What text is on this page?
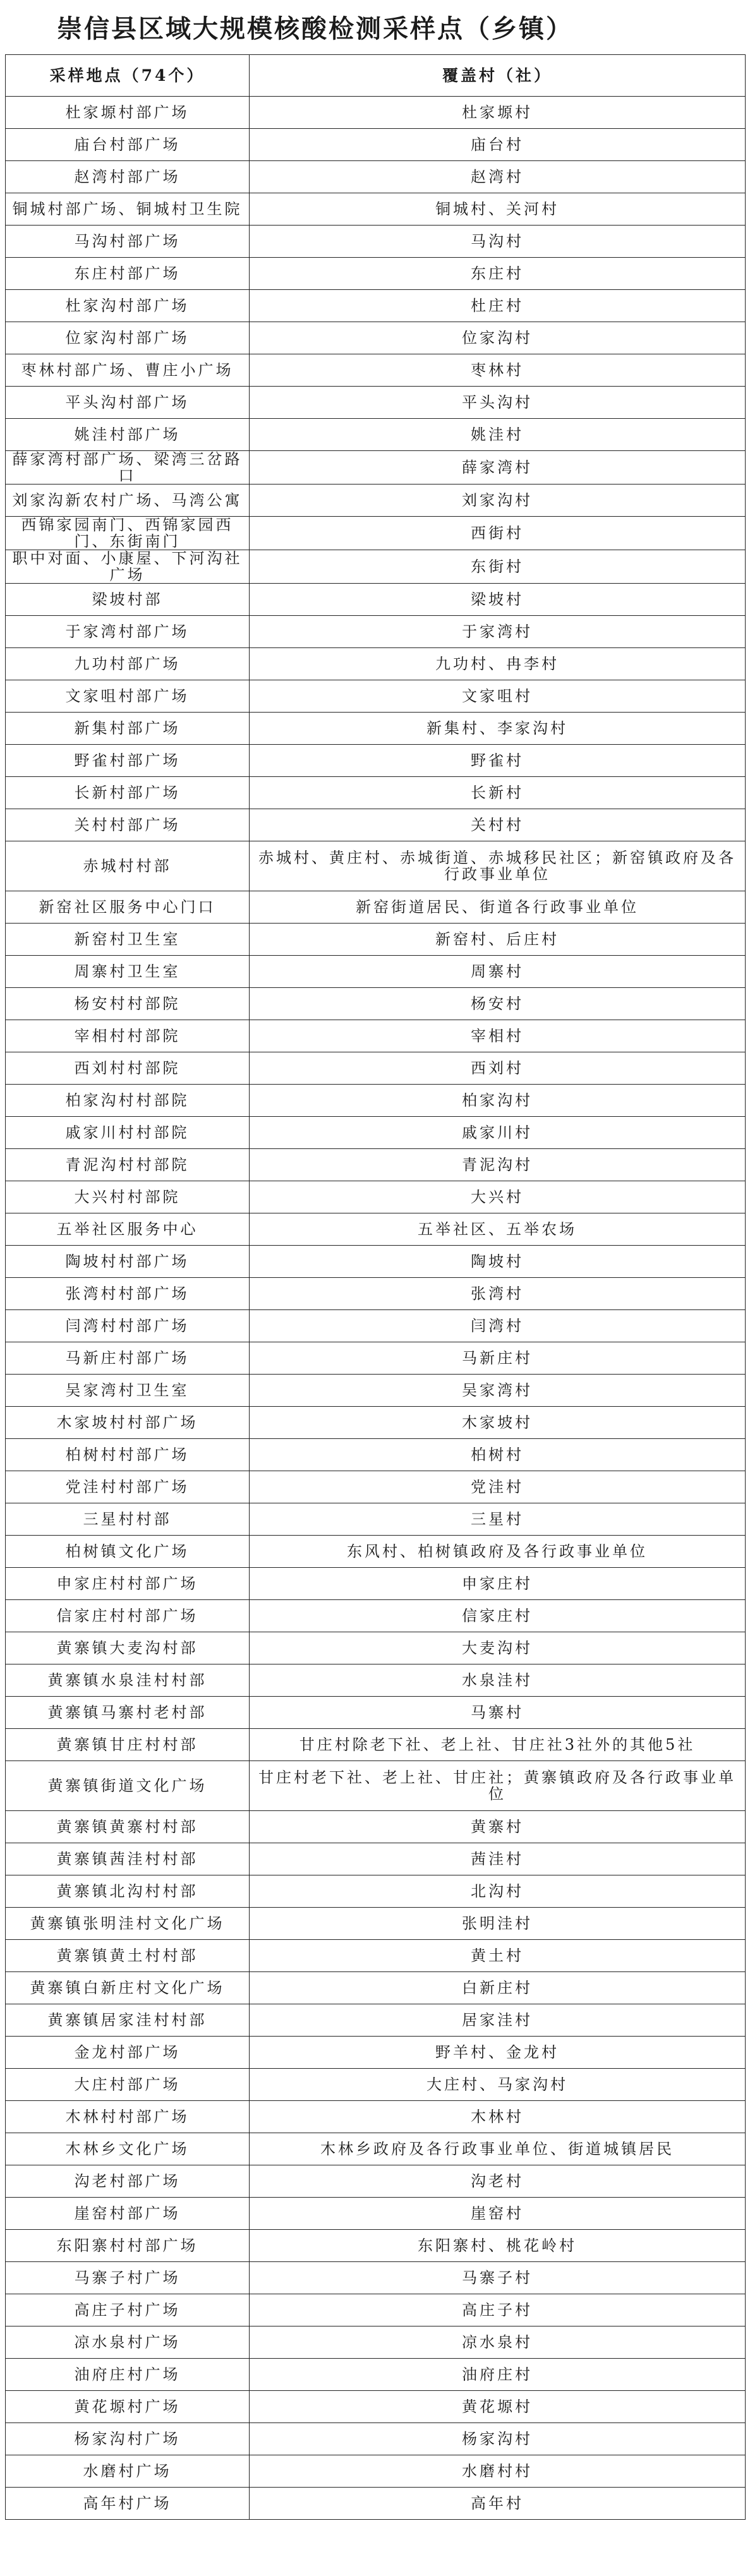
崇信县区域大规模核酸检测采样点（乡镇）
采样地点（74个）	覆盖村（社）
杜家塬村部广场	杜家塬村
庙台村部广场	庙台村
赵湾村部广场	赵湾村
铜城村部广场、铜城村卫生院	铜城村、关河村
马沟村部广场	马沟村
东庄村部广场	东庄村
杜家沟村部广场	杜庄村
位家沟村部广场	位家沟村
枣林村部广场、曹庄小广场	枣林村
平头沟村部广场	平头沟村
姚洼村部广场	姚洼村
薛家湾村部广场、梁湾三岔路口	薛家湾村
刘家沟新农村广场、马湾公寓	刘家沟村
西锦家园南门、西锦家园西门、东街南门	西街村
职中对面、小康屋、下河沟社广场	东街村
梁坡村部	梁坡村
于家湾村部广场	于家湾村
九功村部广场	九功村、冉李村
文家咀村部广场	文家咀村
新集村部广场	新集村、李家沟村
野雀村部广场	野雀村
长新村部广场	长新村
关村村部广场	关村村
赤城村村部	赤城村、黄庄村、赤城街道、赤城移民社区；新窑镇政府及各行政事业单位
新窑社区服务中心门口	新窑街道居民、街道各行政事业单位
新窑村卫生室	新窑村、后庄村
周寨村卫生室	周寨村
杨安村村部院	杨安村
宰相村村部院	宰相村
西刘村村部院	西刘村
柏家沟村村部院	柏家沟村
戚家川村村部院	戚家川村
青泥沟村村部院	青泥沟村
大兴村村部院	大兴村
五举社区服务中心	五举社区、五举农场
陶坡村村部广场	陶坡村
张湾村村部广场	张湾村
闫湾村村部广场	闫湾村
马新庄村部广场	马新庄村
吴家湾村卫生室	吴家湾村
木家坡村村部广场	木家坡村
柏树村村部广场	柏树村
党洼村村部广场	党洼村
三星村村部	三星村
柏树镇文化广场	东风村、柏树镇政府及各行政事业单位
申家庄村村部广场	申家庄村
信家庄村村部广场	信家庄村
黄寨镇大麦沟村部	大麦沟村
黄寨镇水泉洼村村部	水泉洼村
黄寨镇马寨村老村部	马寨村
黄寨镇甘庄村村部	甘庄村除老下社、老上社、甘庄社3社外的其他5社
黄寨镇街道文化广场	甘庄村老下社、老上社、甘庄社；黄寨镇政府及各行政事业单位
黄寨镇黄寨村村部	黄寨村
黄寨镇茜洼村村部	茜洼村
黄寨镇北沟村村部	北沟村
黄寨镇张明洼村文化广场	张明洼村
黄寨镇黄土村村部	黄土村
黄寨镇白新庄村文化广场	白新庄村
黄寨镇居家洼村村部	居家洼村
金龙村部广场	野羊村、金龙村
大庄村部广场	大庄村、马家沟村
木林村村部广场	木林村
木林乡文化广场	木林乡政府及各行政事业单位、街道城镇居民
沟老村部广场	沟老村
崖窑村部广场	崖窑村
东阳寨村村部广场	东阳寨村、桃花岭村
马寨子村广场	马寨子村
高庄子村广场	高庄子村
凉水泉村广场	凉水泉村
油府庄村广场	油府庄村
黄花塬村广场	黄花塬村
杨家沟村广场	杨家沟村
水磨村广场	水磨村村
高年村广场	高年村
